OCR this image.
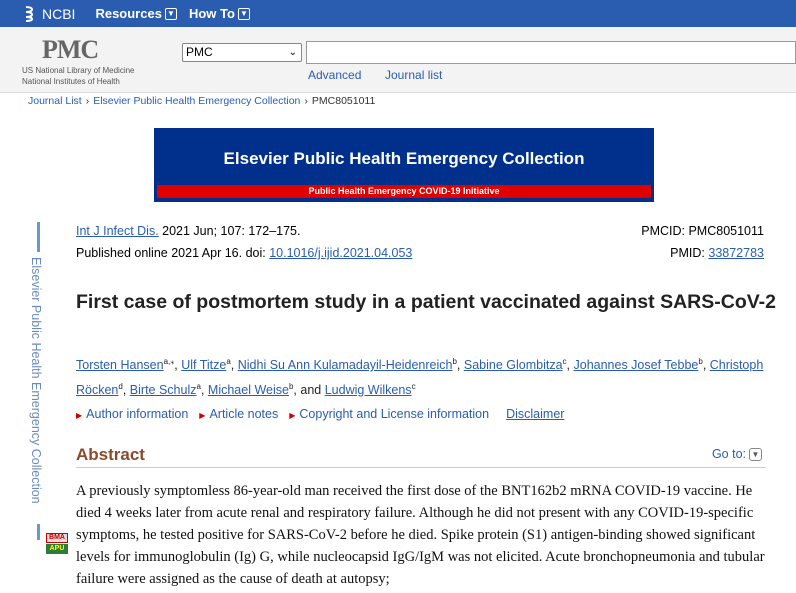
NCBI Resources ▼ How To ▼
PMC
US National Library of Medicine
National Institutes of Health
PMC	⌄
Advanced Journal list
Journal List › Elsevier Public Health Emergency Collection › PMC8051011
Elsevier Public Health Emergency Collection
Public Health Emergency COVID-19 Initiative
Elsevier Public Health Emergency Collection
BMA
APU
Int J Infect Dis. 2021 Jun; 107: 172–175.
Published online 2021 Apr 16. doi: 10.1016/j.ijid.2021.04.053
PMCID: PMC8051011
PMID: 33872783
First case of postmortem study in a patient vaccinated against SARS-CoV-2
Torsten Hansen$^{a,⁎}$, Ulf Titze$^a$, Nidhi Su Ann Kulamadayil-Heidenreich$^b$, Sabine Glombitza$^c$, Johannes Josef Tebbe$^b$, Christoph Röcken$^d$, Birte Schulz$^a$, Michael Weise$^b$, and Ludwig Wilkens$^c$
▶ Author information ▶ Article notes ▶ Copyright and License information Disclaimer
Abstract	Go to: ▼
A previously symptomless 86-year-old man received the first dose of the BNT162b2 mRNA COVID-19 vaccine. He died 4 weeks later from acute renal and respiratory failure. Although he did not present with any COVID-19-specific symptoms, he tested positive for SARS-CoV-2 before he died. Spike protein (S1) antigen-binding showed significant levels for immunoglobulin (Ig) G, while nucleocapsid IgG/IgM was not elicited. Acute bronchopneumonia and tubular failure were assigned as the cause of death at autopsy;
